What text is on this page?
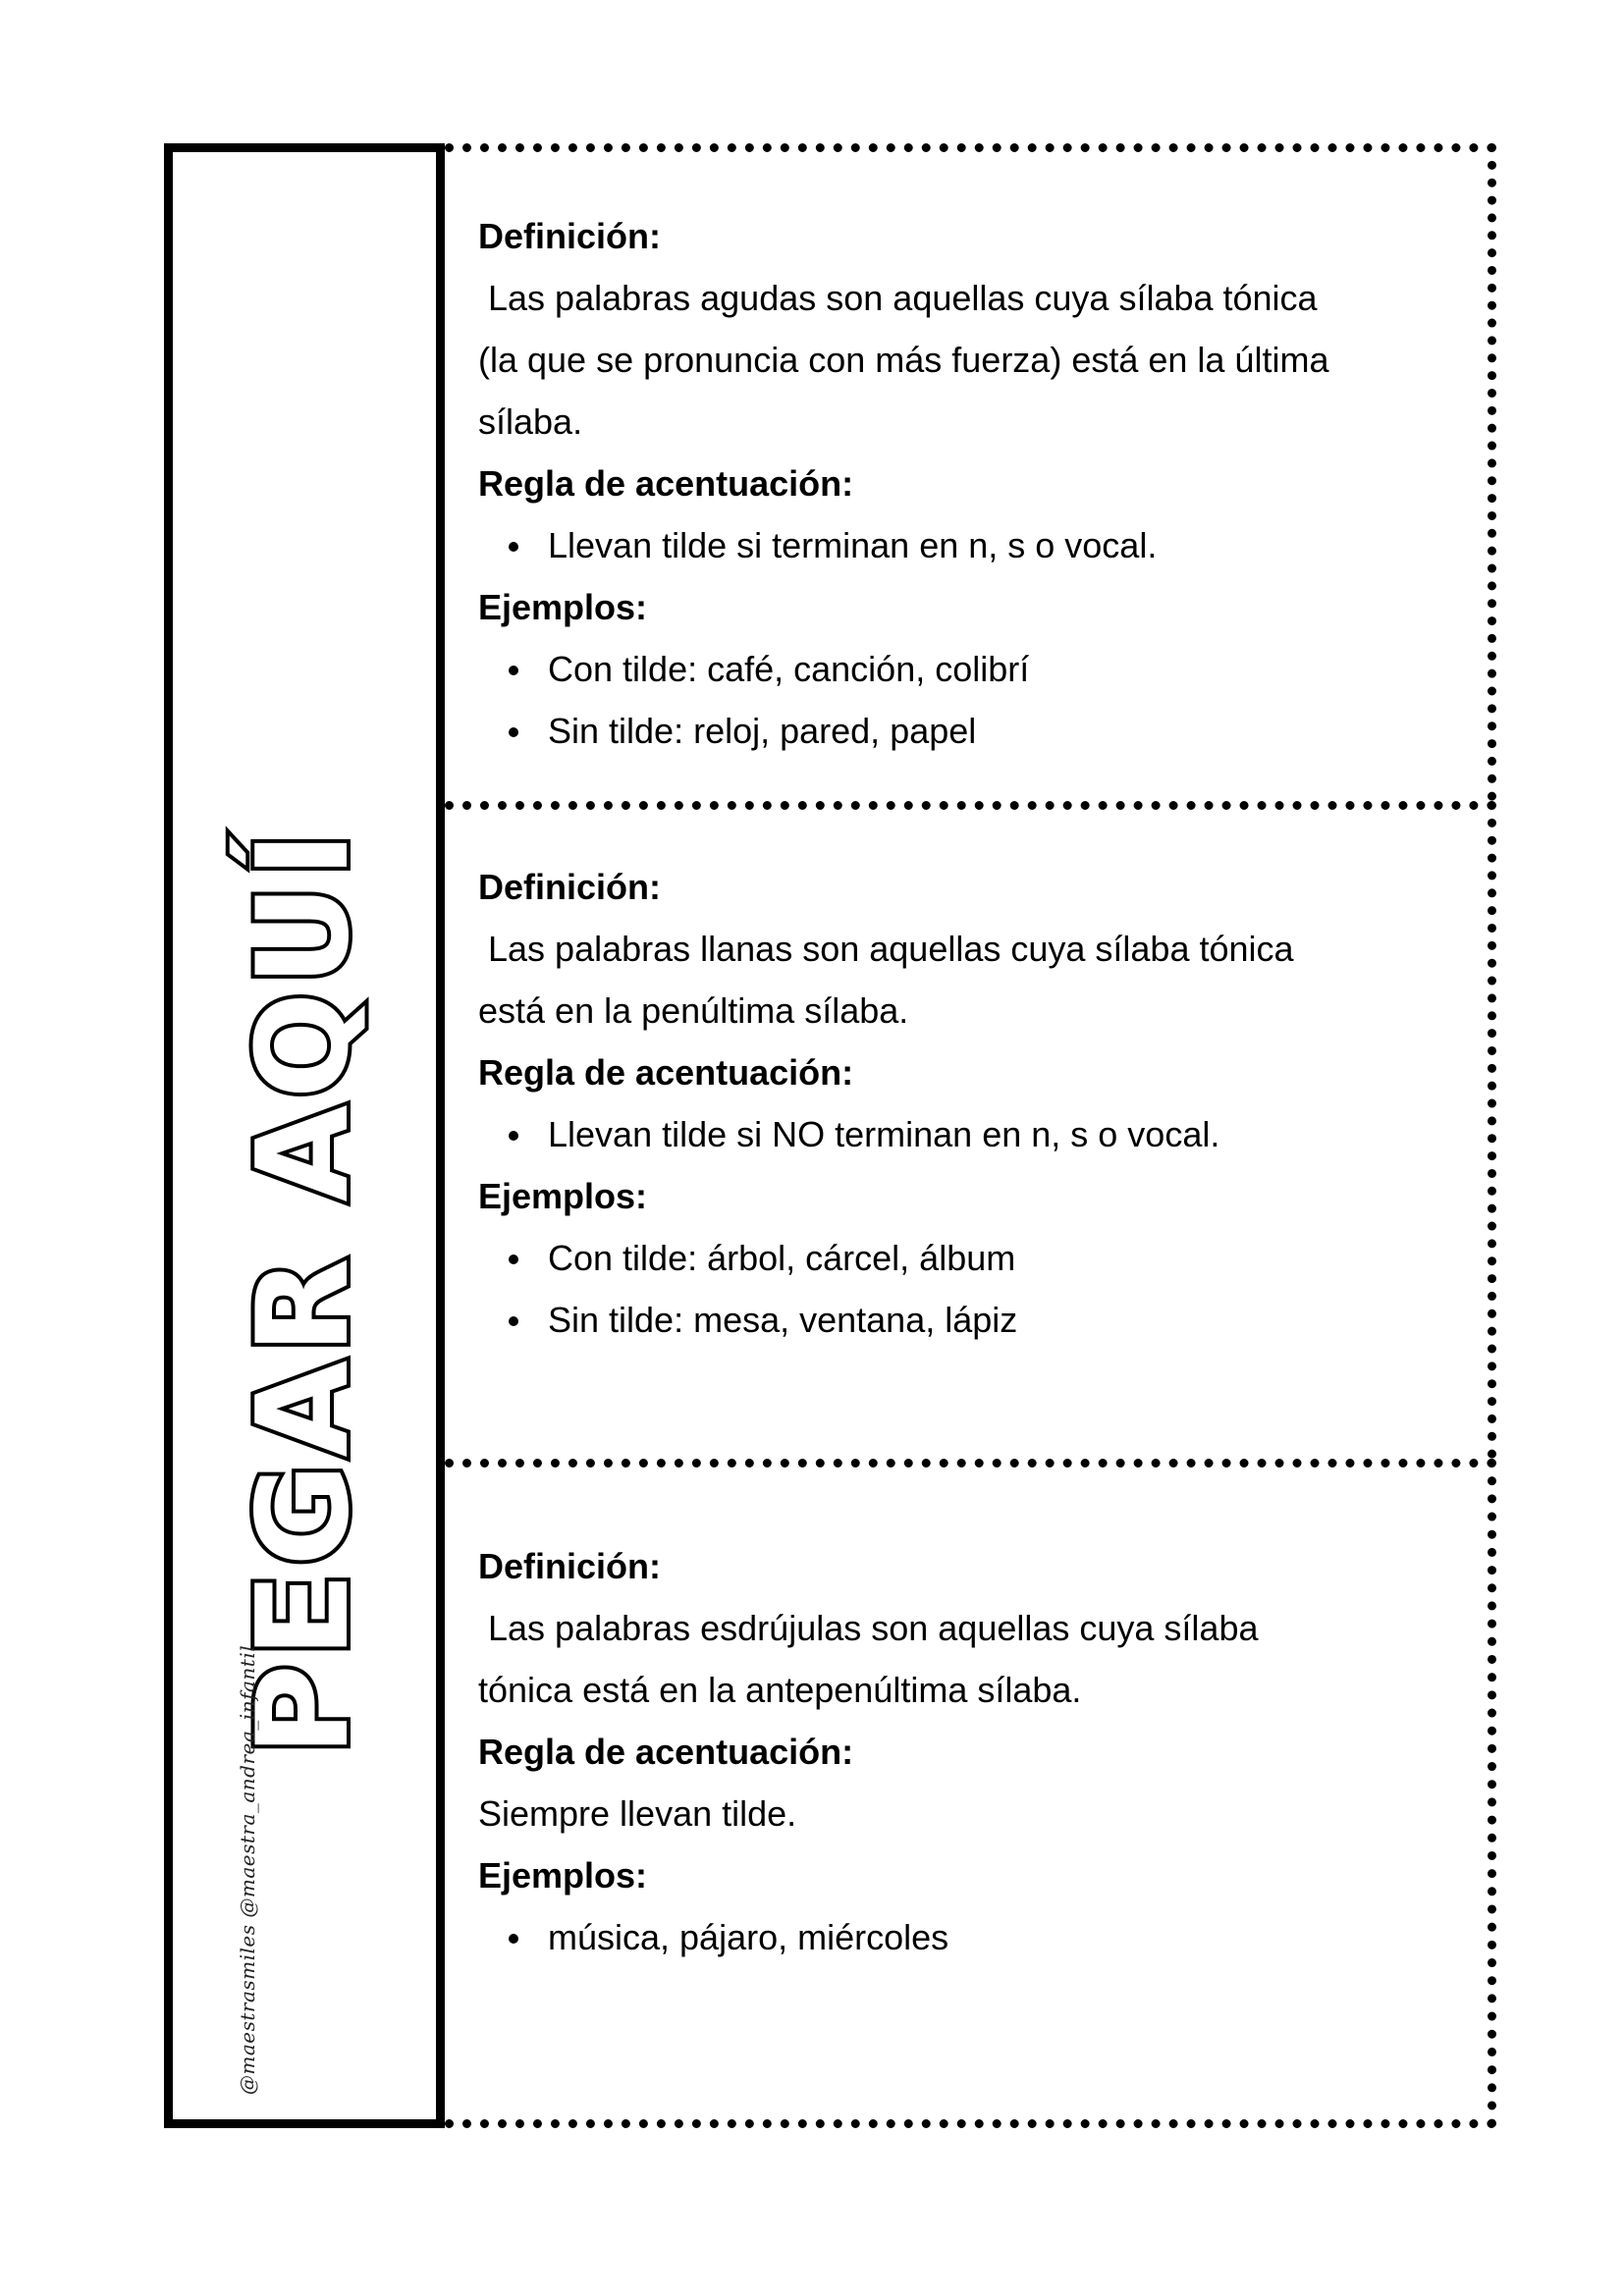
PEGAR AQUÍ
@maestrasmiles @maestra_andrea_infantil

Definición:

Las palabras agudas son aquellas cuya sílaba tónica

(la que se pronuncia con más fuerza) está en la última

sílaba.

Regla de acentuación:

Llevan tilde si terminan en n, s o vocal.

Ejemplos:

Con tilde: café, canción, colibrí
Sin tilde: reloj, pared, papel

Definición:

Las palabras llanas son aquellas cuya sílaba tónica

está en la penúltima sílaba.

Regla de acentuación:

Llevan tilde si NO terminan en n, s o vocal.

Ejemplos:

Con tilde: árbol, cárcel, álbum
Sin tilde: mesa, ventana, lápiz

Definición:

Las palabras esdrújulas son aquellas cuya sílaba

tónica está en la antepenúltima sílaba.

Regla de acentuación:

Siempre llevan tilde.

Ejemplos:

música, pájaro, miércoles
